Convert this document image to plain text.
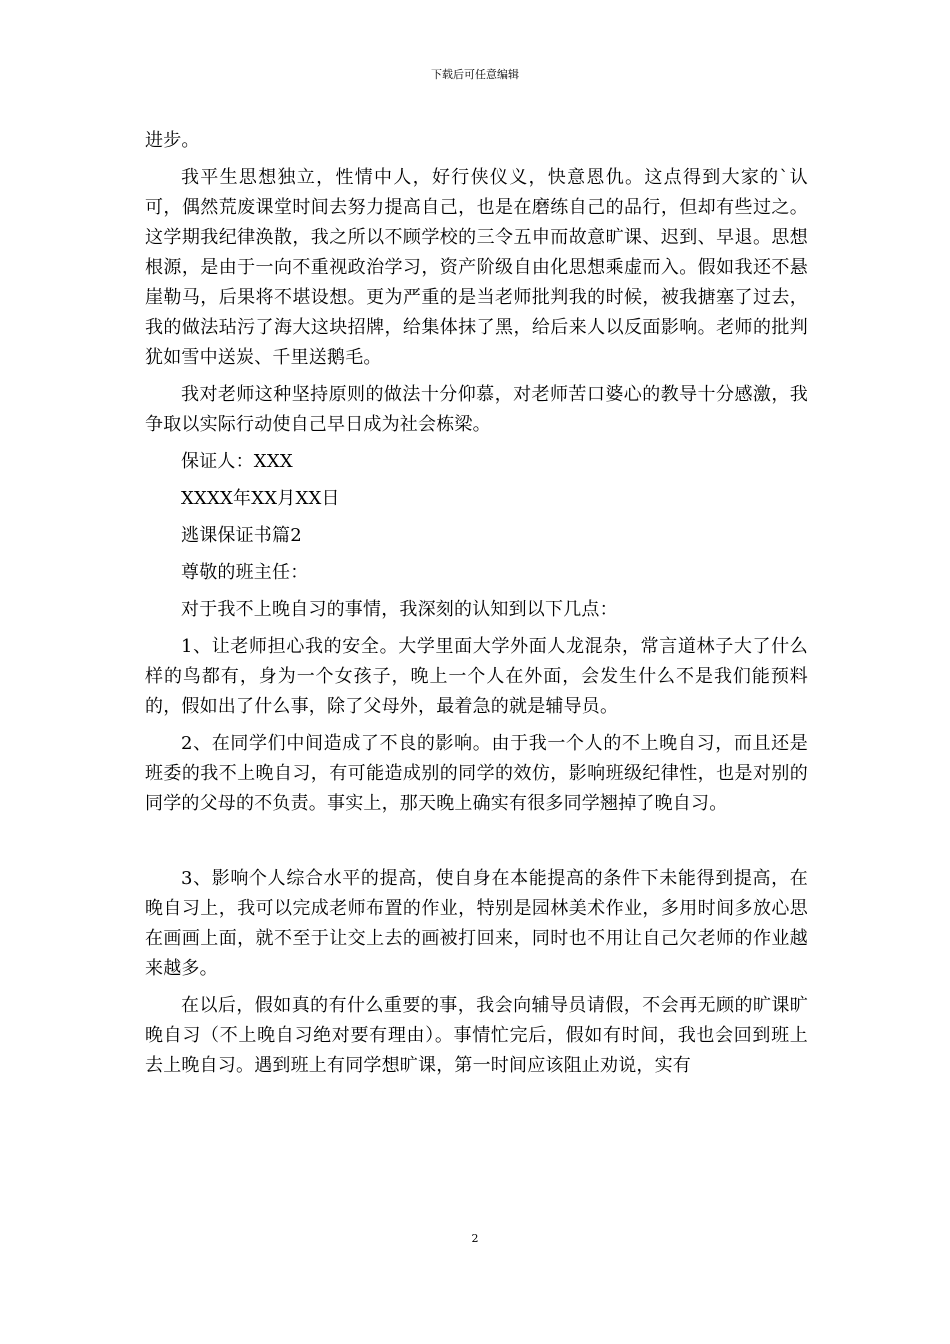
下载后可任意编辑

进步。

我平生思想独立，性情中人，好行侠仪义，快意恩仇。这点得到大家的`认可，偶然荒废课堂时间去努力提高自己，也是在磨练自己的品行，但却有些过之。这学期我纪律涣散，我之所以不顾学校的三令五申而故意旷课、迟到、早退。思想根源，是由于一向不重视政治学习，资产阶级自由化思想乘虚而入。假如我还不悬崖勒马，后果将不堪设想。更为严重的是当老师批判我的时候，被我搪塞了过去，我的做法玷污了海大这块招牌，给集体抹了黑，给后来人以反面影响。老师的批判犹如雪中送炭、千里送鹅毛。

我对老师这种坚持原则的做法十分仰慕，对老师苦口婆心的教导十分感激，我争取以实际行动使自己早日成为社会栋梁。

保证人：XXX

XXXX年XX月XX日

逃课保证书篇2

尊敬的班主任：

对于我不上晚自习的事情，我深刻的认知到以下几点：

1、让老师担心我的安全。大学里面大学外面人龙混杂，常言道林子大了什么样的鸟都有，身为一个女孩子，晚上一个人在外面，会发生什么不是我们能预料的，假如出了什么事，除了父母外，最着急的就是辅导员。

2、在同学们中间造成了不良的影响。由于我一个人的不上晚自习，而且还是班委的我不上晚自习，有可能造成别的同学的效仿，影响班级纪律性，也是对别的同学的父母的不负责。事实上，那天晚上确实有很多同学翘掉了晚自习。

3、影响个人综合水平的提高，使自身在本能提高的条件下未能得到提高，在晚自习上，我可以完成老师布置的作业，特别是园林美术作业，多用时间多放心思在画画上面，就不至于让交上去的画被打回来，同时也不用让自己欠老师的作业越来越多。

在以后，假如真的有什么重要的事，我会向辅导员请假，不会再无顾的旷课旷晚自习（不上晚自习绝对要有理由）。事情忙完后，假如有时间，我也会回到班上去上晚自习。遇到班上有同学想旷课，第一时间应该阻止劝说，实有

2
